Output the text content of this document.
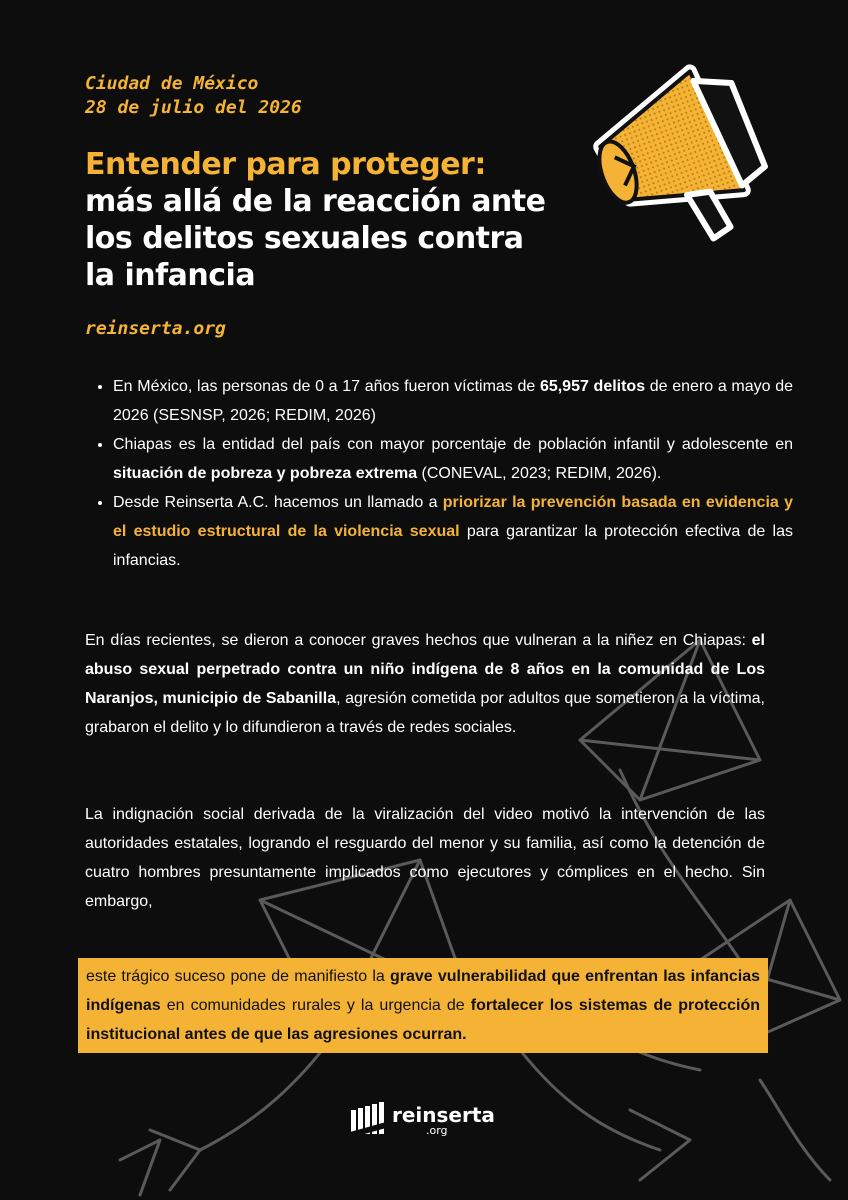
Ciudad de México
28 de julio del 2026
Entender para proteger:
más allá de la reacción ante los delitos sexuales contra la infancia
reinserta.org
• En México, las personas de 0 a 17 años fueron víctimas de 65,957 delitos de enero a mayo de 2026 (SESNSP, 2026; REDIM, 2026)
• Chiapas es la entidad del país con mayor porcentaje de población infantil y adolescente en situación de pobreza y pobreza extrema (CONEVAL, 2023; REDIM, 2026).
• Desde Reinserta A.C. hacemos un llamado a priorizar la prevención basada en evidencia y el estudio estructural de la violencia sexual para garantizar la protección efectiva de las infancias.

En días recientes, se dieron a conocer graves hechos que vulneran a la niñez en Chiapas: el abuso sexual perpetrado contra un niño indígena de 8 años en la comunidad de Los Naranjos, municipio de Sabanilla, agresión cometida por adultos que sometieron a la víctima, grabaron el delito y lo difundieron a través de redes sociales.

La indignación social derivada de la viralización del video motivó la intervención de las autoridades estatales, logrando el resguardo del menor y su familia, así como la detención de cuatro hombres presuntamente implicados como ejecutores y cómplices en el hecho. Sin embargo,

este trágico suceso pone de manifiesto la grave vulnerabilidad que enfrentan las infancias indígenas en comunidades rurales y la urgencia de fortalecer los sistemas de protección institucional antes de que las agresiones ocurran.
reinserta
.org
